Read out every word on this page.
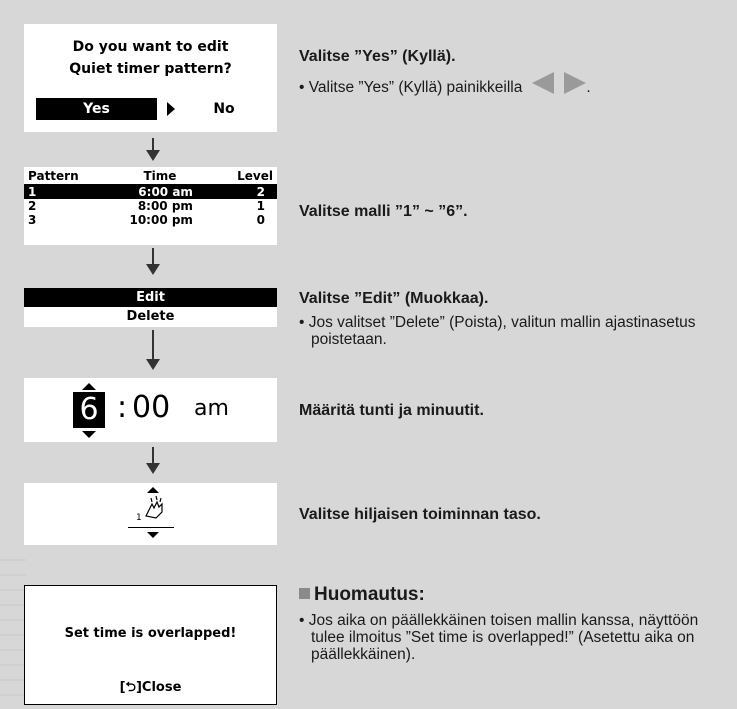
Do you want to edit
Quiet timer pattern?
Yes	No
Valitse ”Yes” (Kyllä).
• Valitse ”Yes” (Kyllä) painikkeilla	.
Pattern	Time	Level

1	6:00 am	2
2	8:00 pm	1
3	10:00 pm	0 Valitse malli ”1” ~ ”6”.
Edit
Delete
Valitse ”Edit” (Muokkaa).
• Jos valitset ”Delete” (Poista), valitun mallin ajastinasetus poistetaan.
6 : 00 am	Määritä tunti ja minuutit.
1	Valitse hiljaisen toiminnan taso.
Set time is overlapped!
[⮌]Close
Huomautus:
• Jos aika on päällekkäinen toisen mallin kanssa, näyttöön tulee ilmoitus ”Set time is overlapped!” (Asetettu aika on päällekkäinen).
